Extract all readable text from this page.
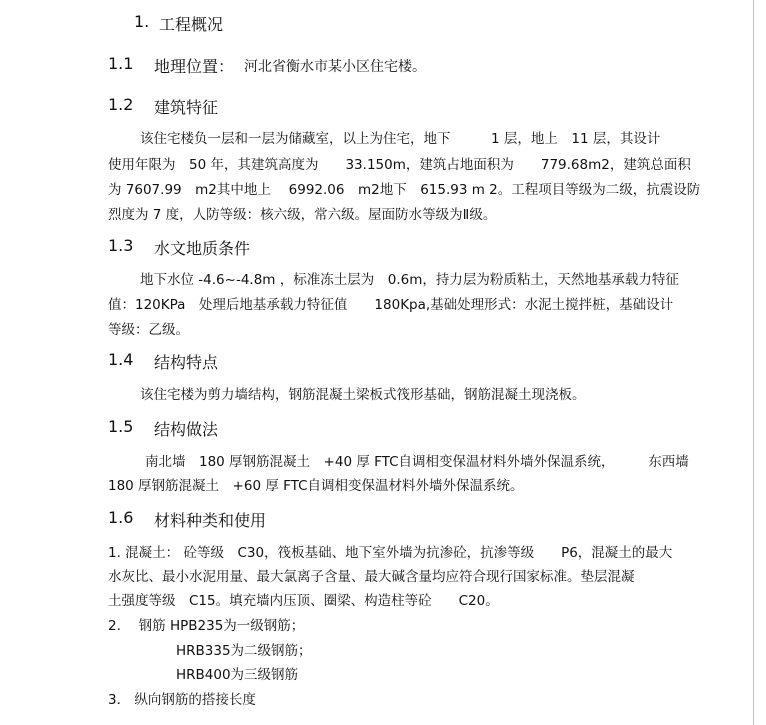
1. 工程概况
1.1 地理位置： 河北省衡水市某小区住宅楼。
1.2 建筑特征
该住宅楼负一层和一层为储藏室，以上为住宅，地下　　　1 层，地上　11 层，其设计
使用年限为　50 年，其建筑高度为　　33.150m，建筑占地面积为　　779.68m2，建筑总面积
为 7607.99　m2其中地上　 6992.06　m2地下　615.93 m 2。工程项目等级为二级，抗震设防
烈度为 7 度，人防等级：核六级，常六级。屋面防水等级为Ⅱ级。
1.3 水文地质条件
地下水位 -4.6~-4.8m ，标准冻土层为　0.6m，持力层为粉质粘土，天然地基承载力特征
值：120KPa　处理后地基承载力特征值　　180Kpa,基础处理形式：水泥土搅拌桩，基础设计
等级：乙级。
1.4 结构特点
该住宅楼为剪力墙结构，钢筋混凝土梁板式筏形基础，钢筋混凝土现浇板。
1.5 结构做法
南北墙　180 厚钢筋混凝土　+40 厚 FTC自调相变保温材料外墙外保温系统，　　　东西墙
180 厚钢筋混凝土　+60 厚 FTC自调相变保温材料外墙外保温系统。
1.6 材料种类和使用
1. 混凝土： 砼等级　C30，筏板基础、地下室外墙为抗渗砼，抗渗等级　　P6，混凝土的最大
水灰比、最小水泥用量、最大氯离子含量、最大碱含量均应符合现行国家标准。垫层混凝
土强度等级　C15。填充墙内压顶、圈梁、构造柱等砼　　C20。
2.　 钢筋 HPB235为一级钢筋；
HRB335为二级钢筋；
HRB400为三级钢筋
3． 纵向钢筋的搭接长度
